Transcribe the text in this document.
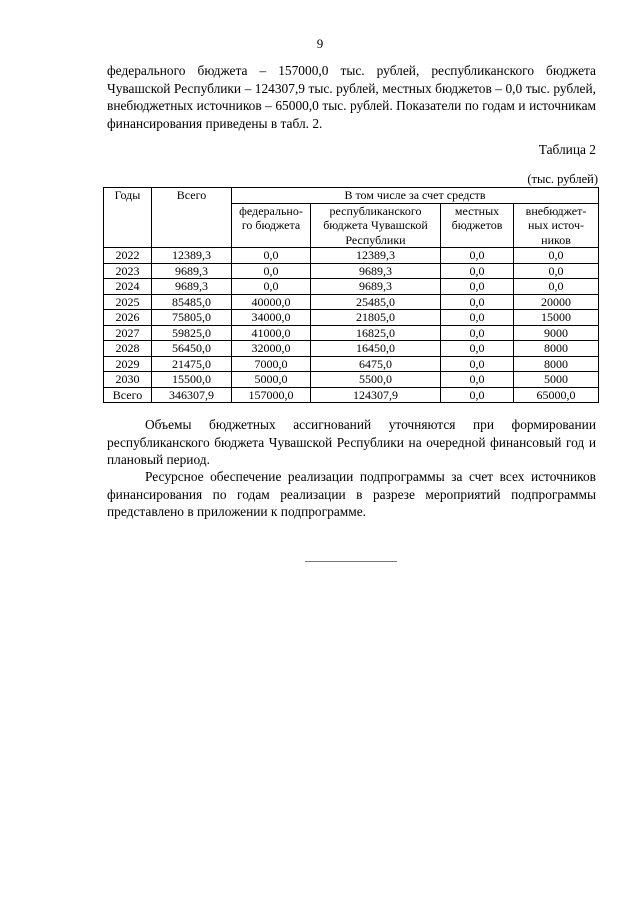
9

федерального бюджета – 157000,0 тыс. рублей, республиканского бюджета Чувашской Республики – 124307,9 тыс. рублей, местных бюджетов – 0,0 тыс. рублей, внебюджетных источников – 65000,0 тыс. рублей. Показатели по годам и источникам финансирования приведены в табл. 2.

Таблица 2
(тыс. рублей)
Годы	Всего	В том числе за счет средств			
		федерально-го бюджета	республиканского бюджета Чувашской Республики	местных бюджетов	внебюджет-ных источ-ников
2022	12389,3	0,0	12389,3	0,0	0,0
2023	9689,3	0,0	9689,3	0,0	0,0
2024	9689,3	0,0	9689,3	0,0	0,0
2025	85485,0	40000,0	25485,0	0,0	20000
2026	75805,0	34000,0	21805,0	0,0	15000
2027	59825,0	41000,0	16825,0	0,0	9000
2028	56450,0	32000,0	16450,0	0,0	8000
2029	21475,0	7000,0	6475,0	0,0	8000
2030	15500,0	5000,0	5500,0	0,0	5000
Всего	346307,9	157000,0	124307,9	0,0	65000,0

Объемы бюджетных ассигнований уточняются при формировании республиканского бюджета Чувашской Республики на очередной финансовый год и плановый период.

Ресурсное обеспечение реализации подпрограммы за счет всех источников финансирования по годам реализации в разрезе мероприятий подпрограммы представлено в приложении к подпрограмме.
